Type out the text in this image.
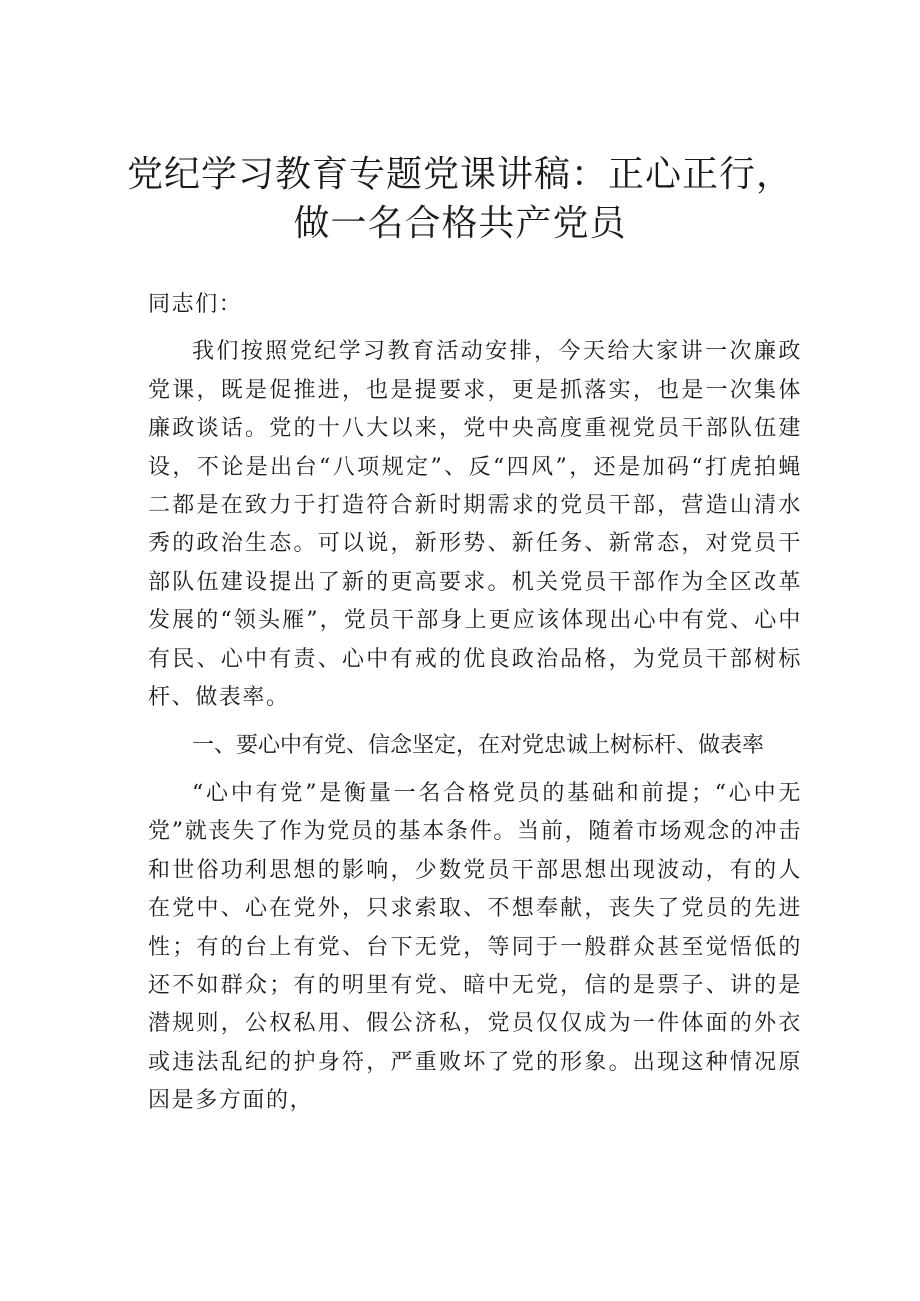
党纪学习教育专题党课讲稿：正心正行，
做一名合格共产党员

同志们：

我们按照党纪学习教育活动安排，今天给大家讲一次廉政党课，既是促推进，也是提要求，更是抓落实，也是一次集体廉政谈话。党的十八大以来，党中央高度重视党员干部队伍建设，不论是出台“八项规定”、反“四风”，还是加码“打虎拍蝇二都是在致力于打造符合新时期需求的党员干部，营造山清水秀的政治生态。可以说，新形势、新任务、新常态，对党员干部队伍建设提出了新的更高要求。机关党员干部作为全区改革发展的“领头雁”，党员干部身上更应该体现出心中有党、心中有民、心中有责、心中有戒的优良政治品格，为党员干部树标杆、做表率。

一、要心中有党、信念坚定，在对党忠诚上树标杆、做表率

“心中有党”是衡量一名合格党员的基础和前提；“心中无党”就丧失了作为党员的基本条件。当前，随着市场观念的冲击和世俗功利思想的影响，少数党员干部思想出现波动，有的人在党中、心在党外，只求索取、不想奉献，丧失了党员的先进性；有的台上有党、台下无党，等同于一般群众甚至觉悟低的还不如群众；有的明里有党、暗中无党，信的是票子、讲的是潜规则，公权私用、假公济私，党员仅仅成为一件体面的外衣或违法乱纪的护身符，严重败坏了党的形象。出现这种情况原因是多方面的，
